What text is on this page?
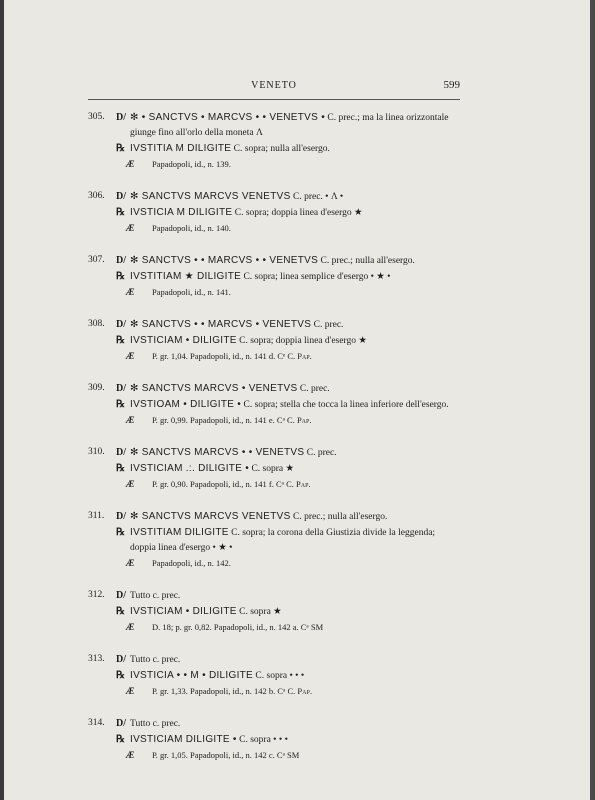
VENETO	599
305.	D/ ✻ • SANCTVS • MARCVS • • VENETVS • C. prec.; ma la linea orizzontale
giunge fino all'orlo della moneta Λ
℞ IVSTITIA M DILIGITE C. sopra; nulla all'esergo.
Æ Papadopoli, id., n. 139.
306.	D/ ✻ SANCTVS MARCVS VENETVS C. prec. • Λ •
℞ IVSTICIA M DILIGITE C. sopra; doppia linea d'esergo ★
Æ Papadopoli, id., n. 140.
307.	D/ ✻ SANCTVS • • MARCVS • • VENETVS C. prec.; nulla all'esergo.
℞ IVSTITIAM ★ DILIGITE C. sopra; linea semplice d'esergo • ★ •
Æ Papadopoli, id., n. 141.
308.	D/ ✻ SANCTVS • • MARCVS • VENETVS C. prec.
℞ IVSTICIAM • DILIGITE C. sopra; doppia linea d'esergo ★
Æ P. gr. 1,04. Papadopoli, id., n. 141 d. Cᵉ C. Pap.
309.	D/ ✻ SANCTVS MARCVS • VENETVS C. prec.
℞ IVSTIOAM • DILIGITE • C. sopra; stella che tocca la linea inferiore dell'esergo.
Æ P. gr. 0,99. Papadopoli, id., n. 141 e. Cᵃ C. Pap.
310.	D/ ✻ SANCTVS MARCVS • • VENETVS C. prec.
℞ IVSTICIAM .:. DILIGITE • C. sopra ★
Æ P. gr. 0,90. Papadopoli, id., n. 141 f. Cᵃ C. Pap.
311.	D/ ✻ SANCTVS MARCVS VENETVS C. prec.; nulla all'esergo.
℞ IVSTITIAM DILIGITE C. sopra; la corona della Giustizia divide la leggenda;
doppia linea d'esergo • ★ •
Æ Papadopoli, id., n. 142.
312.	D/ Tutto c. prec.
℞ IVSTICIAM • DILIGITE C. sopra ★
Æ D. 18; p. gr. 0,82. Papadopoli, id., n. 142 a. Cᵃ SM
313.	D/ Tutto c. prec.
℞ IVSTICIA • • M • DILIGITE C. sopra • • •
Æ P. gr. 1,33. Papadopoli, id., n. 142 b. Cᵃ C. Pap.
314.	D/ Tutto c. prec.
℞ IVSTICIAM DILIGITE • C. sopra • • •
Æ P. gr. 1,05. Papadopoli, id., n. 142 c. Cᵃ SM
